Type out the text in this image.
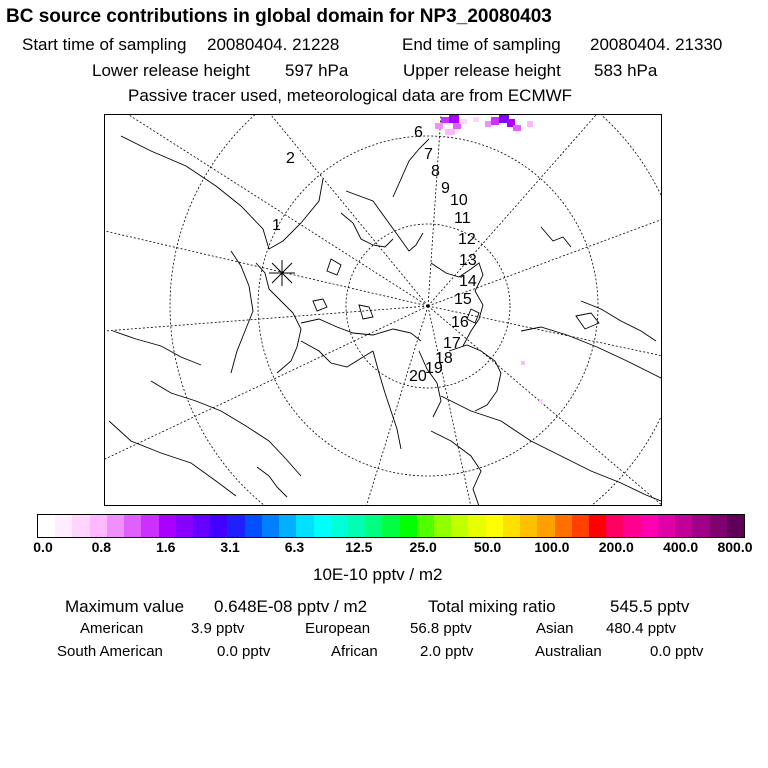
BC source contributions in global domain for NP3_20080403
Start time of sampling 20080404. 21228	End time of sampling 20080404. 21330
Lower release height 597 hPa	Upper release height 583 hPa
Passive tracer used, meteorological data are from ECMWF
1
2
6
7
8
9
10
11
12
13
14
15
16
17
18
19
20
0.0	0.8	1.6	3.1	6.3	12.5	25.0	50.0 100.0 200.0 400.0 800.0
10E-10 pptv / m2
Maximum value 0.648E-08 pptv / m2	Total mixing ratio	545.5 pptv
American	3.9 pptv	European	56.8 pptv	Asian 480.4 pptv
South American	0.0 pptv	African	2.0 pptv	Australian	0.0 pptv
